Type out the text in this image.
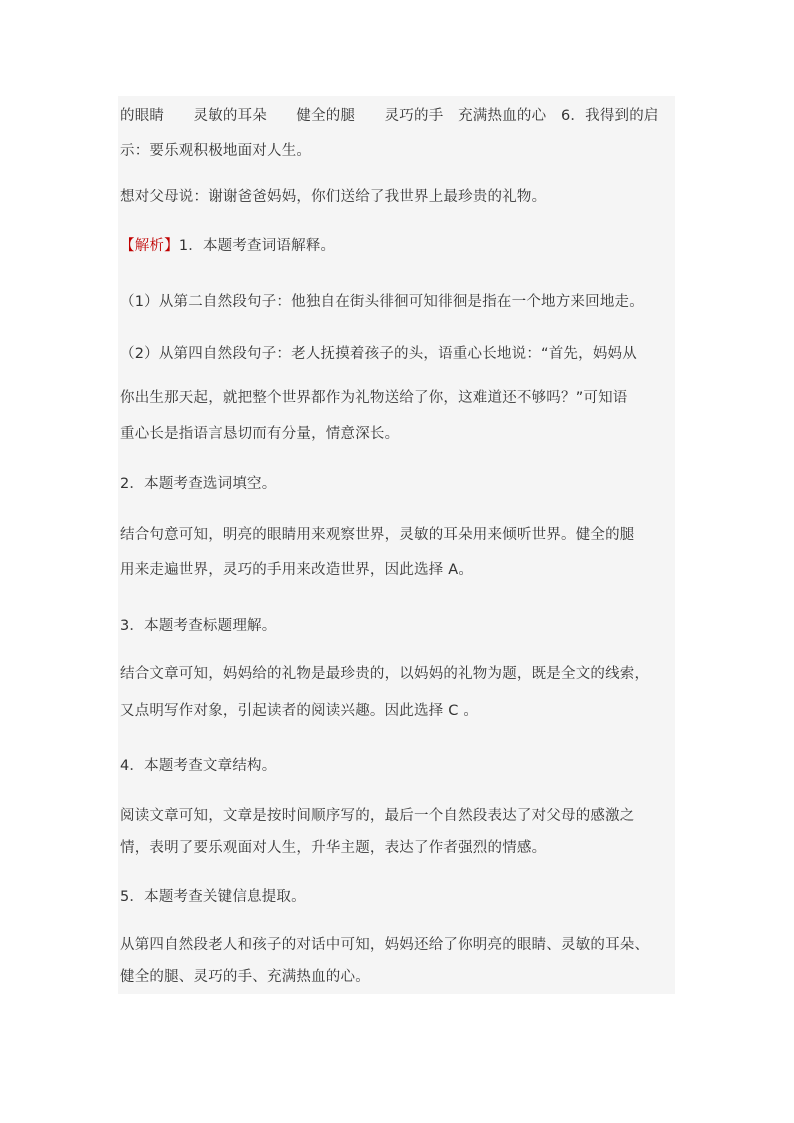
的眼睛　　灵敏的耳朵　　健全的腿　　灵巧的手　充满热血的心　6．我得到的启

示：要乐观积极地面对人生。

想对父母说：谢谢爸爸妈妈，你们送给了我世界上最珍贵的礼物。

【解析】1．本题考查词语解释。

（1）从第二自然段句子：他独自在街头徘徊可知徘徊是指在一个地方来回地走。

（2）从第四自然段句子：老人抚摸着孩子的头，语重心长地说：“首先，妈妈从

你出生那天起，就把整个世界都作为礼物送给了你，这难道还不够吗？”可知语

重心长是指语言恳切而有分量，情意深长。

2．本题考查选词填空。

结合句意可知，明亮的眼睛用来观察世界，灵敏的耳朵用来倾听世界。健全的腿

用来走遍世界，灵巧的手用来改造世界，因此选择 A。

3．本题考查标题理解。

结合文章可知，妈妈给的礼物是最珍贵的，以妈妈的礼物为题，既是全文的线索，

又点明写作对象，引起读者的阅读兴趣。因此选择 C 。

4．本题考查文章结构。

阅读文章可知，文章是按时间顺序写的，最后一个自然段表达了对父母的感激之

情，表明了要乐观面对人生，升华主题，表达了作者强烈的情感。

5．本题考查关键信息提取。

从第四自然段老人和孩子的对话中可知，妈妈还给了你明亮的眼睛、灵敏的耳朵、

健全的腿、灵巧的手、充满热血的心。
